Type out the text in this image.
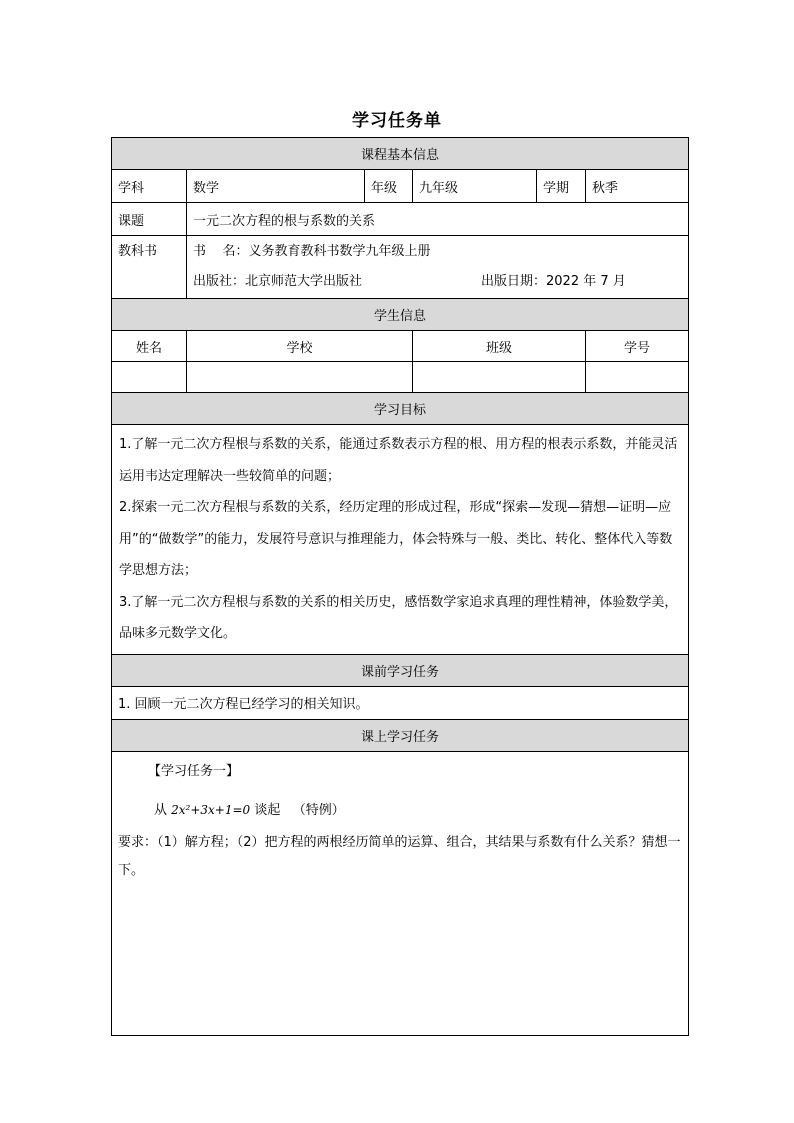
学习任务单
课程基本信息					
学科	数学	年级	九年级	学期	秋季
课题	一元二次方程的根与系数的关系				
教科书	书    名：义务教育教科书数学九年级上册
出版社：北京师范大学出版社 出版日期：2022 年 7 月				

学生信息					
姓名	学校		班级		学号

学习目标					

1.了解一元二次方程根与系数的关系，能通过系数表示方程的根、用方程的根表示系数，并能灵活运用韦达定理解决一些较简单的问题；

2.探索一元二次方程根与系数的关系，经历定理的形成过程，形成“探索—发现—猜想—证明—应用”的“做数学”的能力，发展符号意识与推理能力，体会特殊与一般、类比、转化、整体代入等数学思想方法；

3.了解一元二次方程根与系数的关系的相关历史，感悟数学家追求真理的理性精神，体验数学美，品味多元数学文化。					

课前学习任务					
1. 回顾一元二次方程已经学习的相关知识。					
课上学习任务					

【学习任务一】
从 2x²+3x+1=0 谈起   （特例）
要求：（1）解方程；（2）把方程的两根经历简单的运算、组合，其结果与系数有什么关系？猜想一下。					
